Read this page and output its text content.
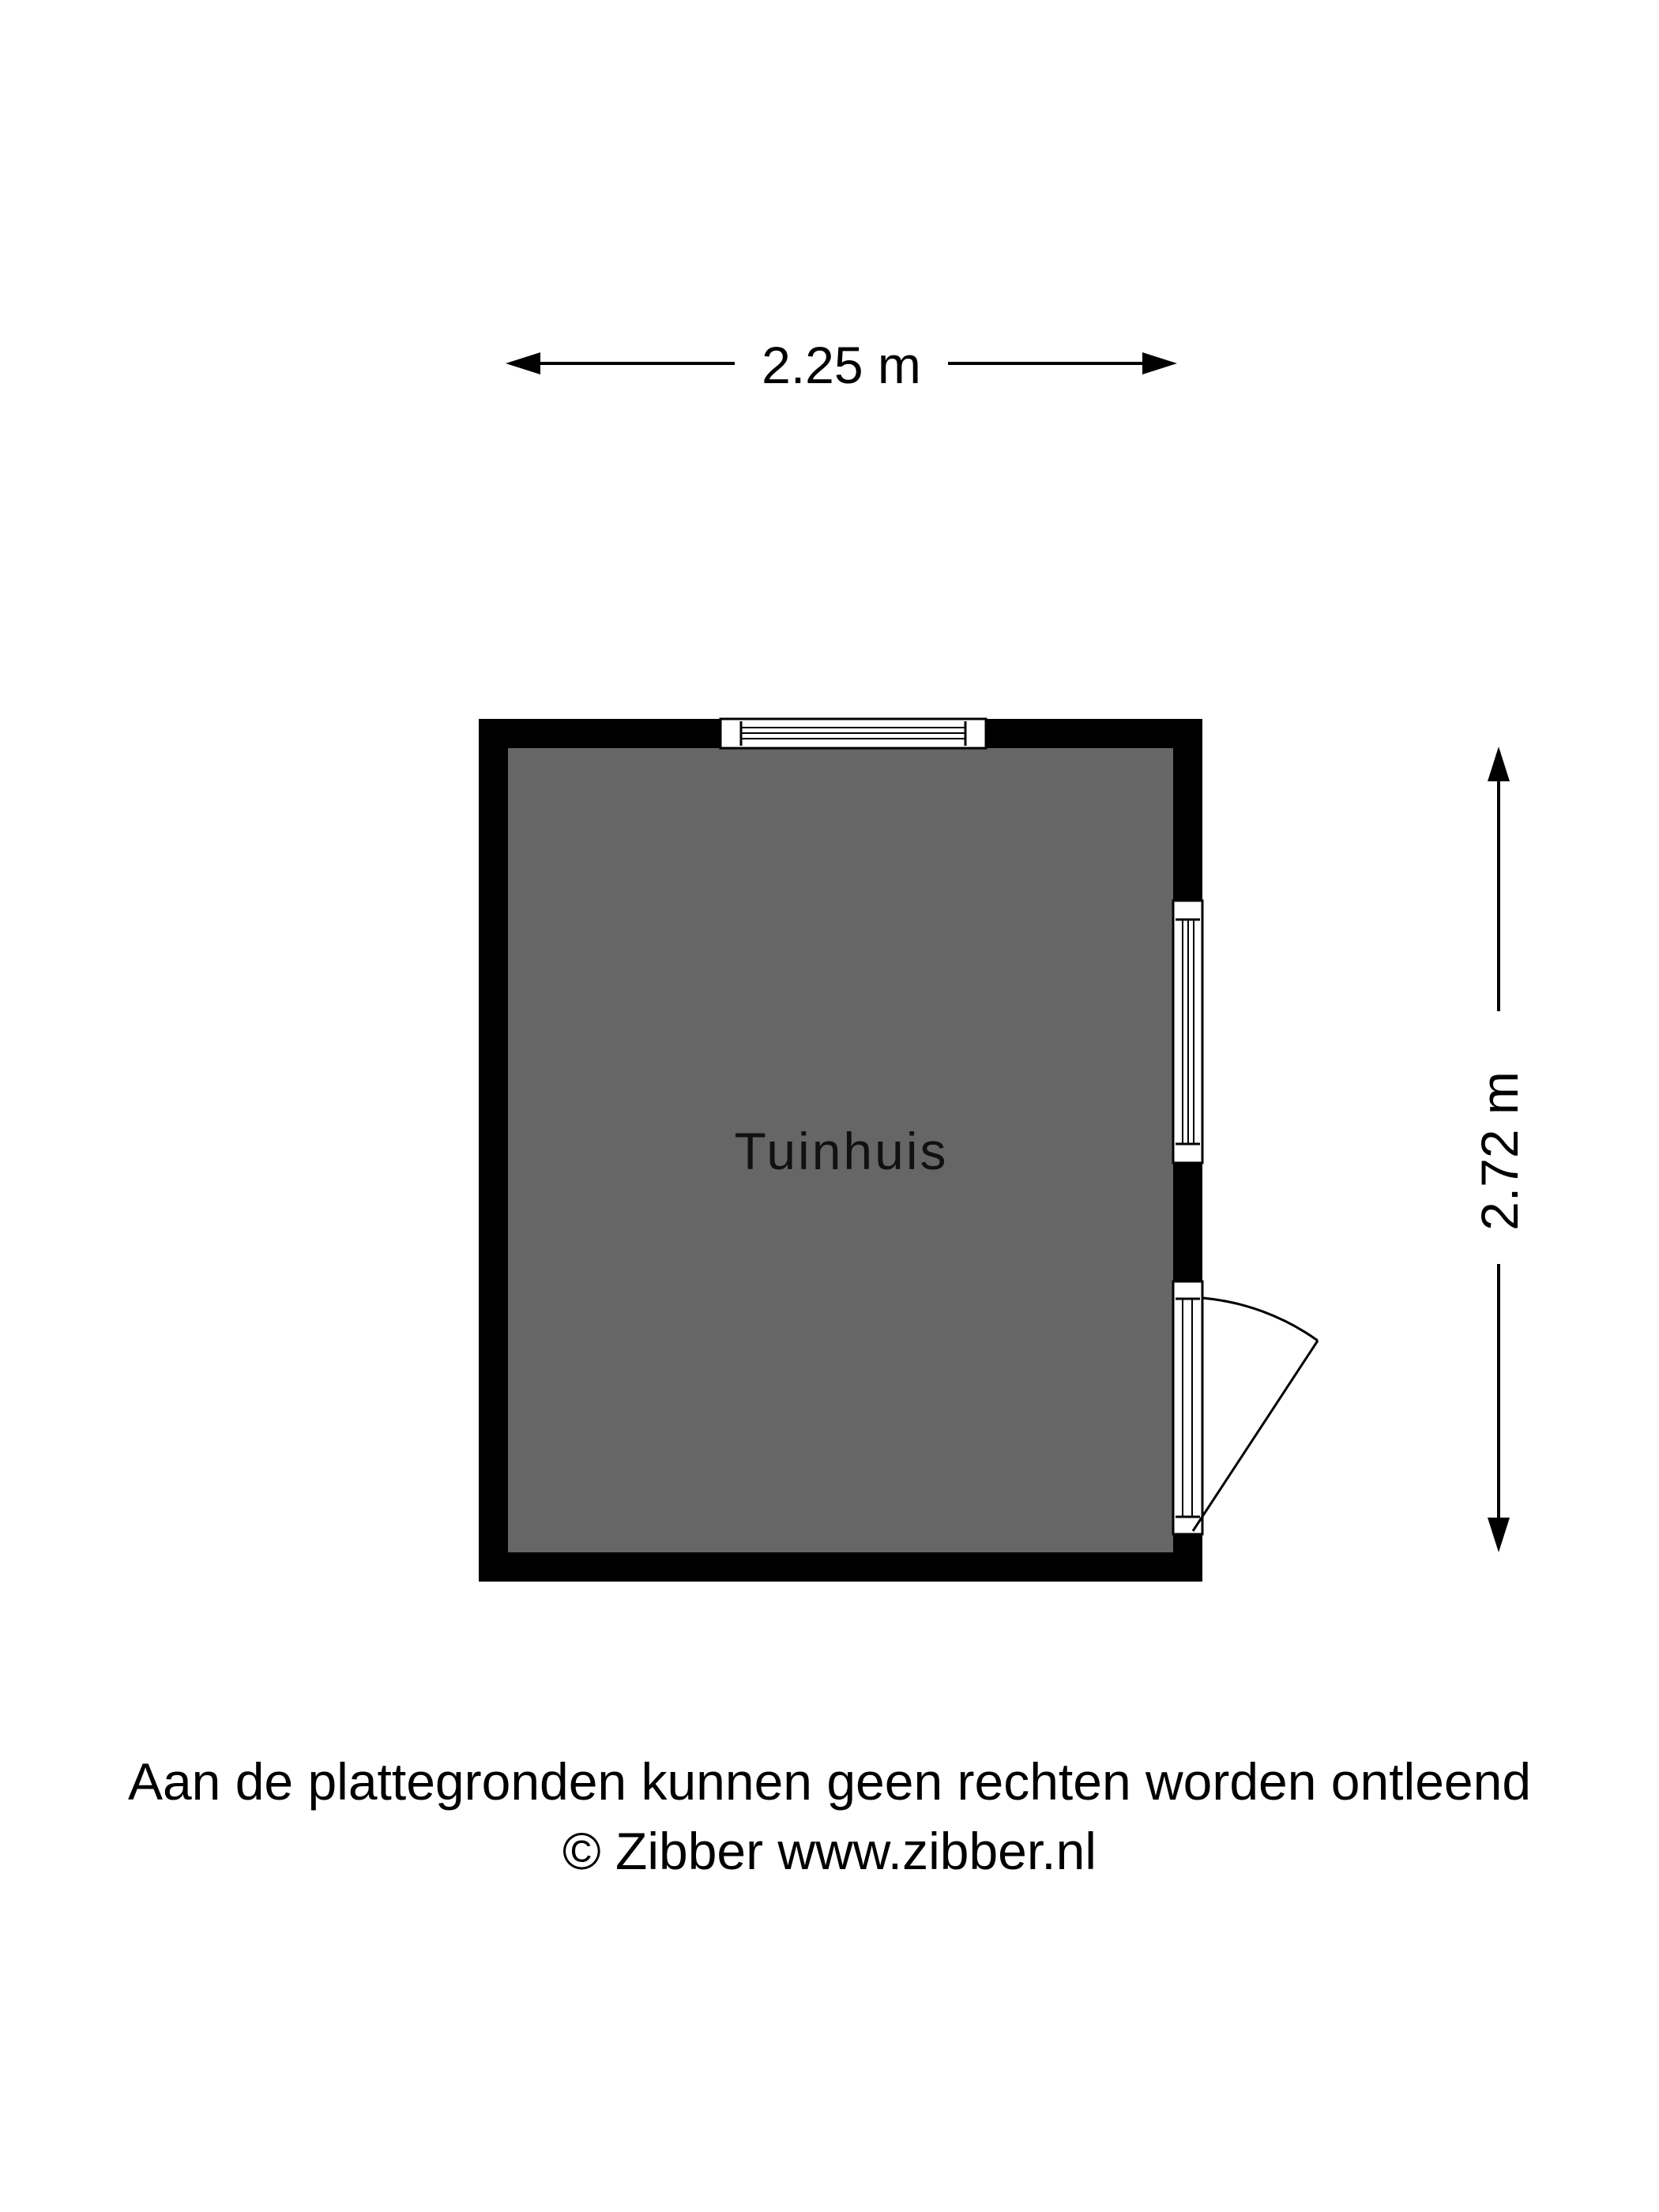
2.25 m
2.72 m
Tuinhuis
Aan de plattegronden kunnen geen rechten worden ontleend
© Zibber www.zibber.nl
